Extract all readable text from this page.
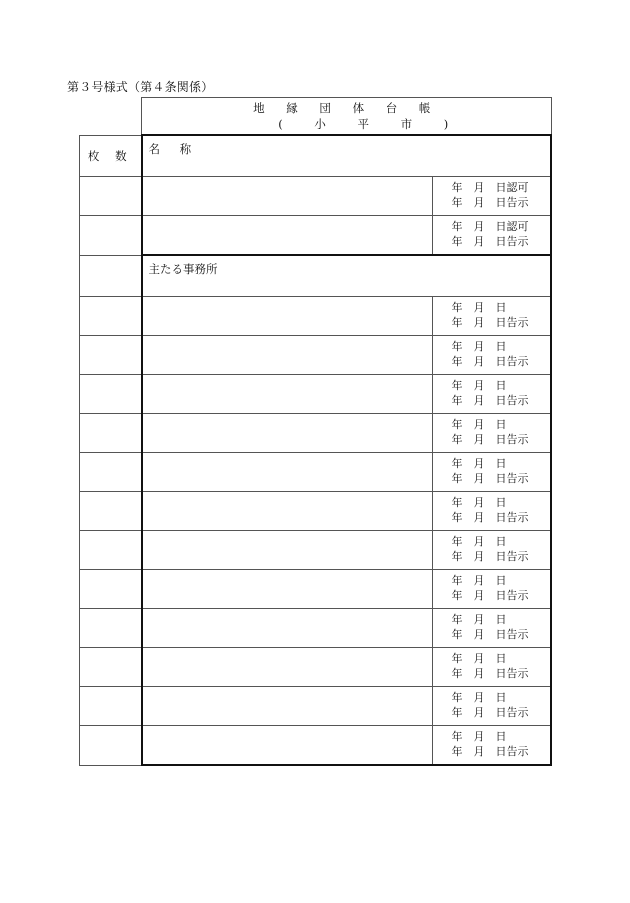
第３号様式（第４条関係）
	地 縁 団 体 台 帳 ( 小 平 市 )	
枚 数	名 称	

		年　月　日認可
年　月　日告示

		年　月　日認可
年　月　日告示

	主たる事務所	

		年　月　日
年　月　日告示

		年　月　日
年　月　日告示

		年　月　日
年　月　日告示

		年　月　日
年　月　日告示

		年　月　日
年　月　日告示

		年　月　日
年　月　日告示

		年　月　日
年　月　日告示

		年　月　日
年　月　日告示

		年　月　日
年　月　日告示

		年　月　日
年　月　日告示

		年　月　日
年　月　日告示

		年　月　日
年　月　日告示
